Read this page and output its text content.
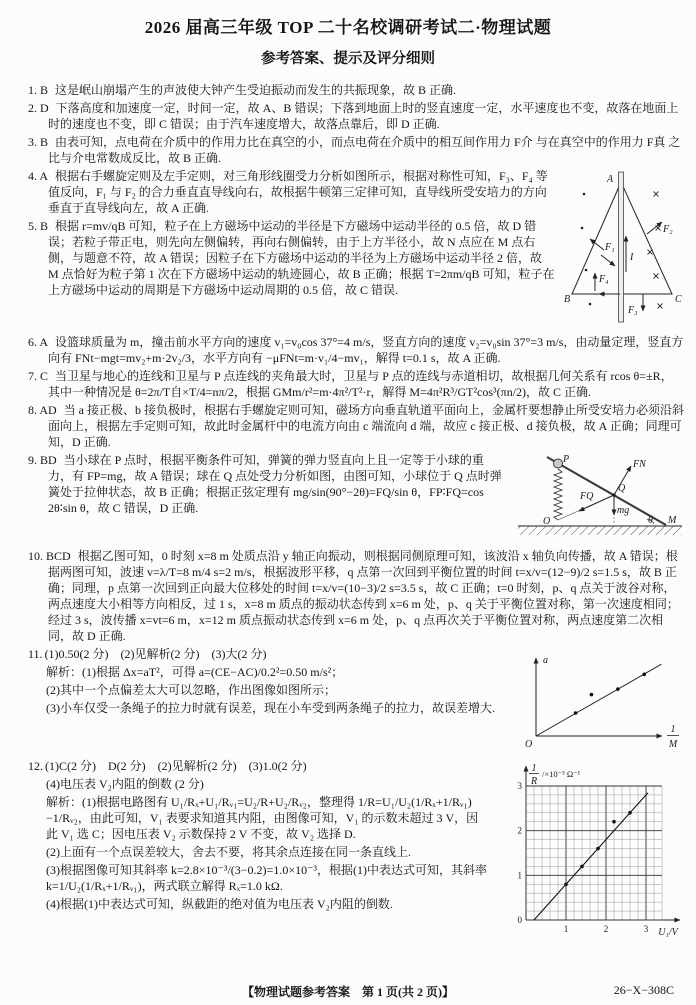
2026 届高三年级 TOP 二十名校调研考试二·物理试题
参考答案、提示及评分细则

1. B 这是岷山崩塌产生的声波使大钟产生受迫振动而发生的共振现象，故 B 正确.

2. D 下落高度和加速度一定，时间一定，故 A、B 错误；下落到地面上时的竖直速度一定，水平速度也不变，故落在地面上时的速度也不变，即 C 错误；由于汽车速度增大，故落点靠后，即 D 正确.

3. B 由表可知，点电荷在介质中的作用力比在真空的小，而点电荷在介质中的相互间作用力 F介 与在真空中的作用力 F真 之比与介电常数成反比，故 B 正确.

I
F₁
F₂
F₄
F₃
A
B	C

4. A 根据右手螺旋定则及左手定则，对三角形线圈受力分析如图所示，根据对称性可知，F₃、F₄ 等值反向，F₁ 与 F₂ 的合力垂直直导线向右，故根据牛顿第三定律可知，直导线所受安培力的方向垂直于直导线向左，故 A 正确.

5. B 根据 r=mv/qB 可知，粒子在上方磁场中运动的半径是下方磁场中运动半径的 0.5 倍，故 D 错误；若粒子带正电，则先向左侧偏转，再向右侧偏转，由于上方半径小，故 N 点应在 M 点右侧，与题意不符，故 A 错误；因粒子在下方磁场中运动的半径为上方磁场中运动半径 2 倍，故 M 点恰好为粒子第 1 次在下方磁场中运动的轨迹圆心，故 B 正确；根据 T=2πm/qB 可知，粒子在上方磁场中运动的周期是下方磁场中运动周期的 0.5 倍，故 C 错误.

6. A 设篮球质量为 m，撞击前水平方向的速度 v₁=v₀cos 37°=4 m/s，竖直方向的速度 v₂=v₀sin 37°=3 m/s，由动量定理，竖直方向有 FNt−mgt=mv₂+m·2v₂/3，水平方向有 −μFNt=m·v₁/4−mv₁，解得 t=0.1 s，故 A 正确.

7. C 当卫星与地心的连线和卫星与 P 点连线的夹角最大时，卫星与 P 点的连线与赤道相切，故根据几何关系有 rcos θ=±R，其中一种情况是 θ=2π/T自×T/4=nπ/2，根据 GMm/r²=m·4π²/T²·r，解得 M=4π²R³/GT²cos³(πn/2)，故 C 正确.

8. AD 当 a 接正极、b 接负极时，根据右手螺旋定则可知，磁场方向垂直轨道平面向上，金属杆要想静止所受安培力必须沿斜面向上，根据左手定则可知，故此时金属杆中的电流方向由 c 端流向 d 端，故应 c 接正极、d 接负极，故 A 正确；同理可知，D 正确.

P
O
Q
M
FN
FQ
mg
θ

9. BD 当小球在 P 点时，根据平衡条件可知，弹簧的弹力竖直向上且一定等于小球的重力，有 FP=mg，故 A 错误；球在 Q 点处受力分析如图，由图可知，小球位于 Q 点时弹簧处于拉伸状态，故 B 正确；根据正弦定理有 mg/sin(90°−2θ)=FQ/sin θ，FP∶FQ=cos 2θ∶sin θ，故 C 错误，D 正确.

10. BCD 根据乙图可知，0 时刻 x=8 m 处质点沿 y 轴正向振动，则根据同侧原理可知，该波沿 x 轴负向传播，故 A 错误；根据两图可知，波速 v=λ/T=8 m/4 s=2 m/s，根据波形平移，q 点第一次回到平衡位置的时间 t=x/v=(12−9)/2 s=1.5 s，故 B 正确；同理，p 点第一次回到正向最大位移处的时间 t=x/v=(10−3)/2 s=3.5 s，故 C 正确；t=0 时刻，p、q 点关于波谷对称，两点速度大小相等方向相反，过 1 s，x=8 m 质点的振动状态传到 x=6 m 处，p、q 关于平衡位置对称，第一次速度相同；经过 3 s，波传播 x=vt=6 m，x=12 m 质点振动状态传到 x=6 m 处，p、q 点再次关于平衡位置对称，两点速度第二次相同，故 D 正确.

a
O
1
M

11. (1)0.50(2 分)　(2)见解析(2 分)　(3)大(2 分)

解析：(1)根据 Δx=aT²，可得 a=(CE−AC)/0.2²=0.50 m/s²；

(2)其中一个点偏差太大可以忽略，作出图像如图所示；

(3)小车仅受一条绳子的拉力时就有误差，现在小车受到两条绳子的拉力，故误差增大.

1
R
/×10⁻³ Ω⁻¹
U₁/V
0
1
2
3
1	2	3

12. (1)C(2 分)　D(2 分)　(2)见解析(2 分)　(3)1.0(2 分)

(4)电压表 V₂内阻的倒数 (2 分)

解析：(1)根据电路图有 U₁/Rₓ+U₁/Rᵥ₁=U₂/R+U₂/Rᵥ₂，整理得 1/R=U₁/U₂(1/Rₓ+1/Rᵥ₁)−1/Rᵥ₂，由此可知，V₁ 表要求知道其内阻，由图像可知，V₁ 的示数未超过 3 V，因此 V₁ 选 C；因电压表 V₂ 示数保持 2 V 不变，故 V₂ 选择 D.

(2)上面有一个点误差较大，舍去不要，将其余点连接在同一条直线上.

(3)根据图像可知其斜率 k=2.8×10⁻³/(3−0.2)=1.0×10⁻³，根据(1)中表达式可知，其斜率 k=1/U₂(1/Rₓ+1/Rᵥ₁)，两式联立解得 Rₓ=1.0 kΩ.

(4)根据(1)中表达式可知，纵截距的绝对值为电压表 V₂内阻的倒数.

【物理试题参考答案　第 1 页(共 2 页)】	26−X−308C
